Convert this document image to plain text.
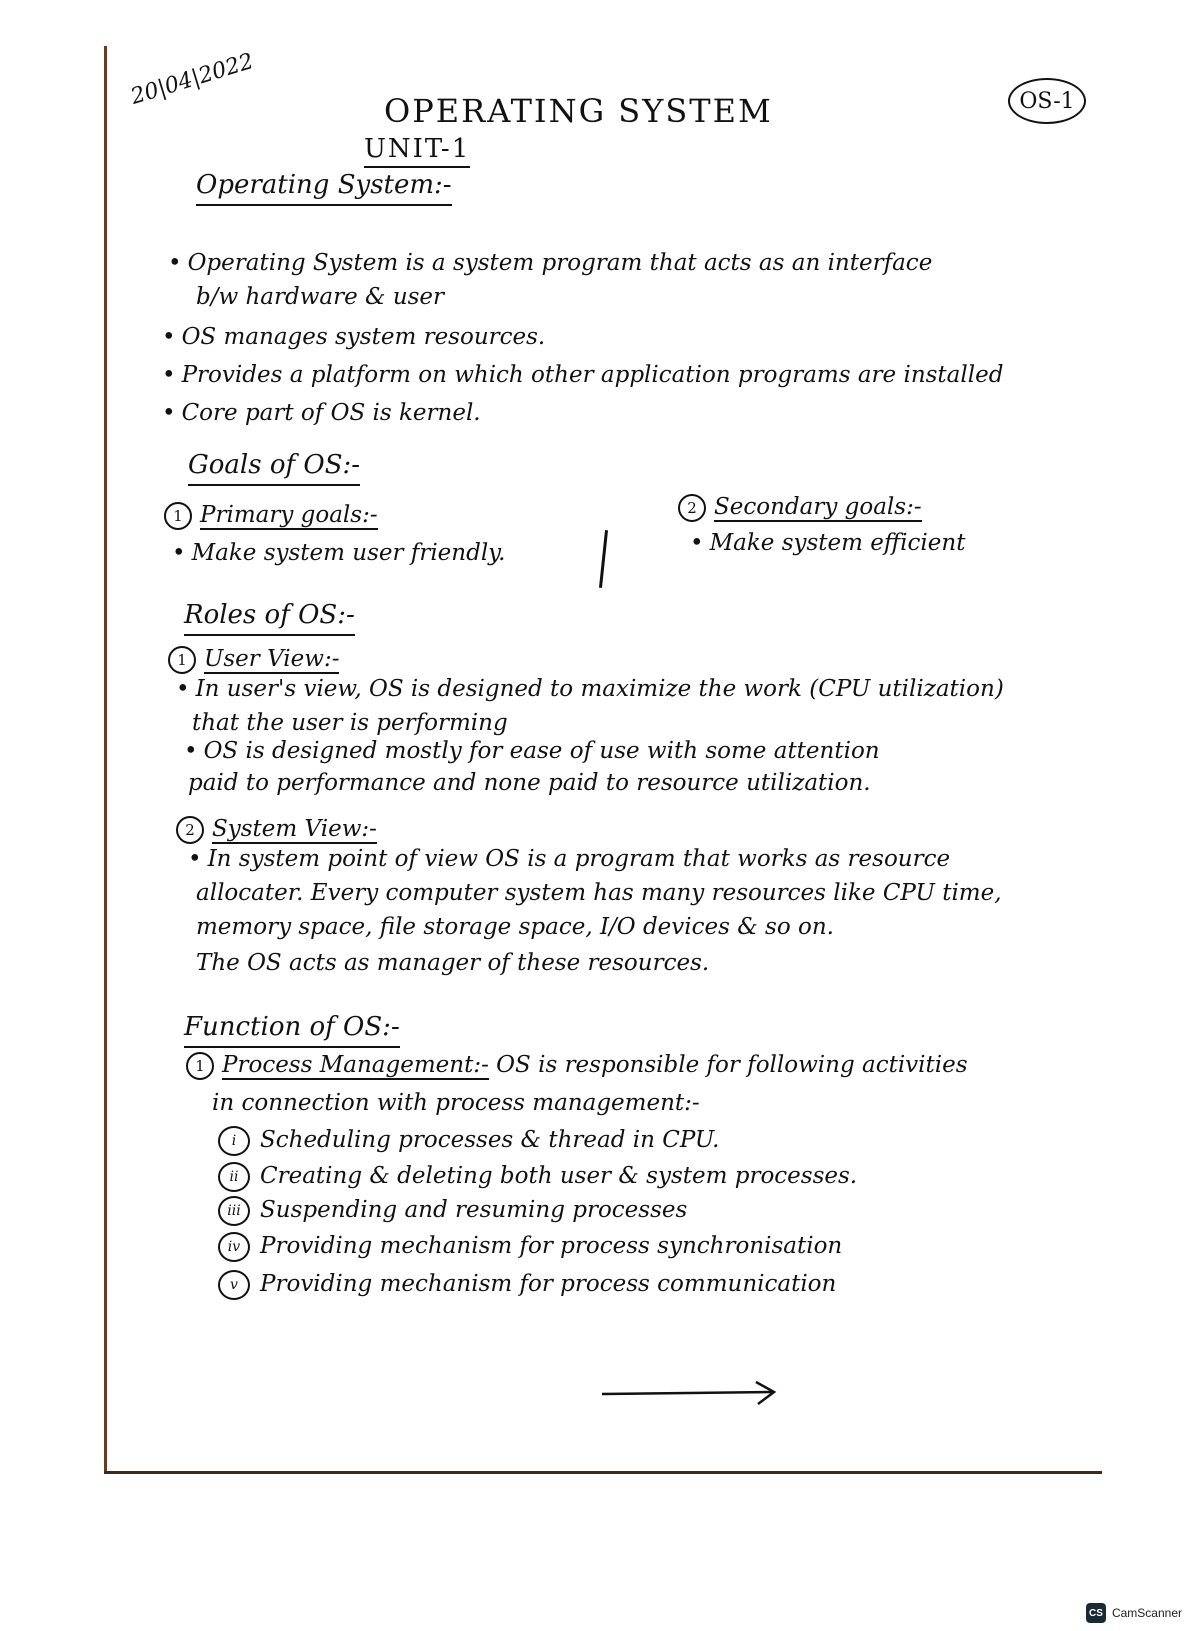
20|04|2022
OPERATING SYSTEM
UNIT-1
OS-1
Operating System:-
• Operating System is a system program that acts as an interface
b/w hardware & user
• OS manages system resources.
• Provides a platform on which other application programs are installed
• Core part of OS is kernel.
Goals of OS:-
1 Primary goals:-
• Make system user friendly.
2 Secondary goals:-
• Make system efficient
Roles of OS:-
1 User View:-
• In user's view, OS is designed to maximize the work (CPU utilization)
that the user is performing
• OS is designed mostly for ease of use with some attention
paid to performance and none paid to resource utilization.
2 System View:-
• In system point of view OS is a program that works as resource
allocater. Every computer system has many resources like CPU time,
memory space, file storage space, I/O devices & so on.
The OS acts as manager of these resources.
Function of OS:-
1 Process Management:- OS is responsible for following activities
in connection with process management:-
i Scheduling processes & thread in CPU.
ii Creating & deleting both user & system processes.
iii Suspending and resuming processes
iv Providing mechanism for process synchronisation
v Providing mechanism for process communication
CS CamScanner
